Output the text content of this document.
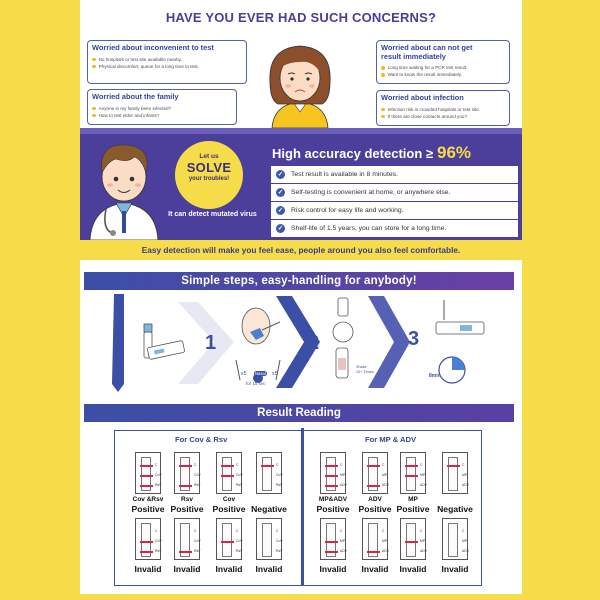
HAVE YOU EVER HAD SUCH CONCERNS?
Worried about inconvenient to test
No hospitals or test site available nearby.
Physical discomfort, queue for a long time to test.
Worried about can not get result immediately
Long time waiting for a PCR test result.
Want to know the result immediately.
Worried about the family
Anyone in my family been infected?
How to test elder and infants?
Worried about infection
Infection risk in crowded hospitals or test site.
If there are close contacts around you?
Let us
SOLVE
your troubles!
It can detect mutated virus
High accuracy detection ≥ 96%
✓ Test result is available in 8 minutes.
✓ Self-testing is convenient at home, or anywhere else.
✓ Risk control for easy life and working.
✓ Shelf-life of 1.5 years, you can store for a long time.
Easy detection will make you feel ease, people around you also feel comfortable.
Simple steps, easy-handling for anybody!
1	2	3
x5 Nasal x5
for 15 sec
Shake 10+ Times
8min
Result Reading
For Cov & Rsv	For MP & ADV
C
CoV
RsV
Cov &Rsv
Positive
C
CoV
RsV
Rsv
Positive
C
CoV
RsV
Cov
Positive
C
CoV
RsV

Negative
C
CoV
RsV
Invalid
C
CoV
RsV
Invalid
C
CoV
RsV
Invalid
C
CoV
RsV
Invalid
C
MP
ADV
MP&ADV
Positive
C
MP
ADV
ADV
Positive
C
MP
ADV
MP
Positive
C
MP
ADV

Negative
C
MP
ADV
Invalid
C
MP
ADV
Invalid
C
MP
ADV
Invalid
C
MP
ADV
Invalid
